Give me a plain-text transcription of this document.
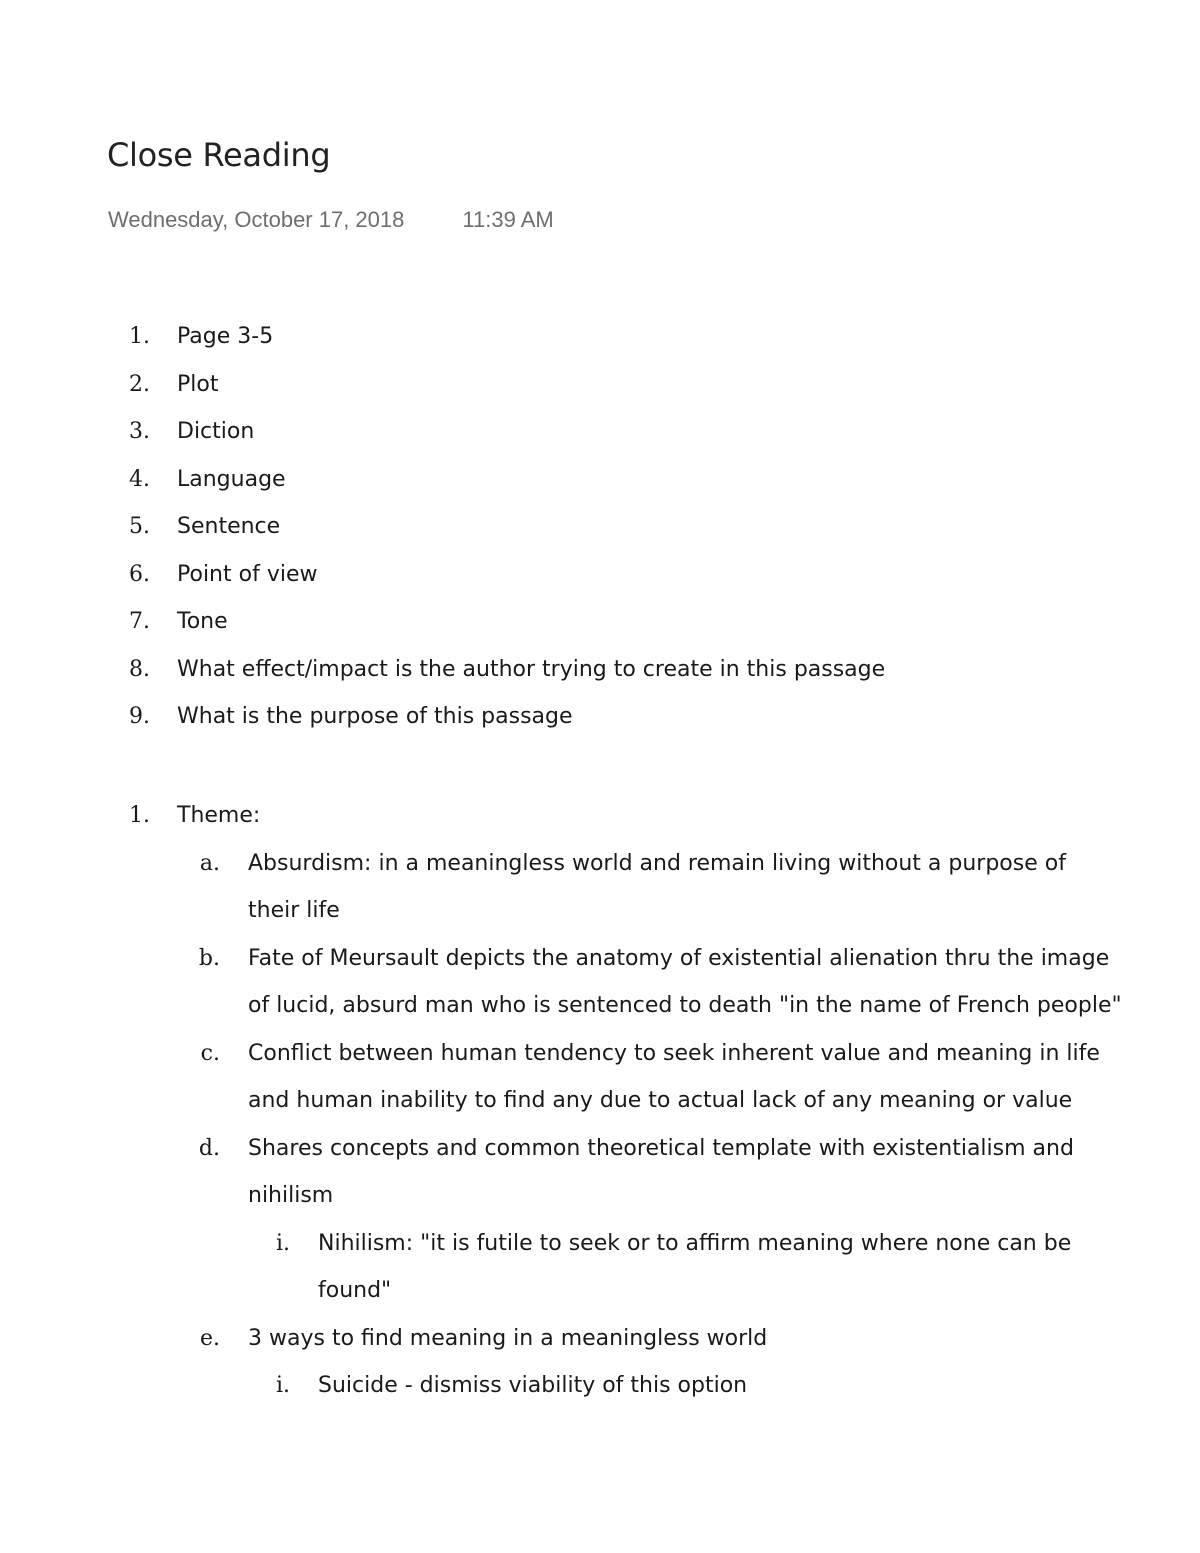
Close Reading
Wednesday, October 17, 2018	11:39 AM
1. Page 3-5
2. Plot
3. Diction
4. Language
5. Sentence
6. Point of view
7. Tone
8. What effect/impact is the author trying to create in this passage
9. What is the purpose of this passage
1. Theme:
a. Absurdism: in a meaningless world and remain living without a purpose of their life
b. Fate of Meursault depicts the anatomy of existential alienation thru the image of lucid, absurd man who is sentenced to death "in the name of French people"
c. Conflict between human tendency to seek inherent value and meaning in life and human inability to find any due to actual lack of any meaning or value
d. Shares concepts and common theoretical template with existentialism and nihilism
i. Nihilism: "it is futile to seek or to affirm meaning where none can be found"
e. 3 ways to find meaning in a meaningless world
i. Suicide - dismiss viability of this option
